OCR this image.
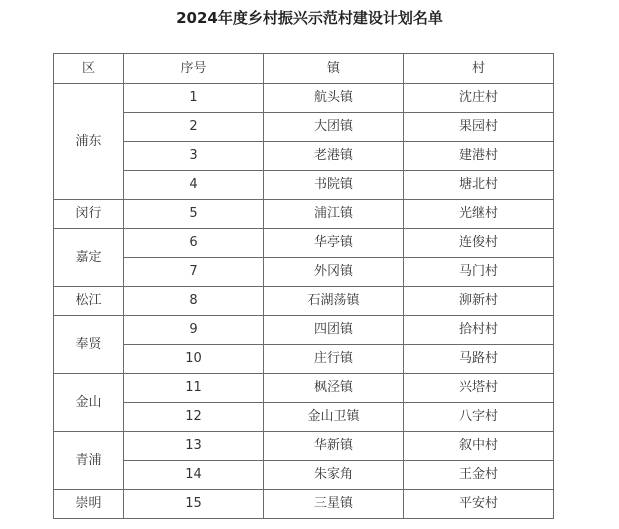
2024年度乡村振兴示范村建设计划名单
区	序号	镇	村
浦东	1	航头镇	沈庄村
	2	大团镇	果园村
	3	老港镇	建港村
	4	书院镇	塘北村
闵行	5	浦江镇	光继村
嘉定	6	华亭镇	连俊村
	7	外冈镇	马门村
松江	8	石湖荡镇	泖新村
奉贤	9	四团镇	拾村村
	10	庄行镇	马路村
金山	11	枫泾镇	兴塔村
	12	金山卫镇	八字村
青浦	13	华新镇	叙中村
	14	朱家角	王金村
崇明	15	三星镇	平安村
